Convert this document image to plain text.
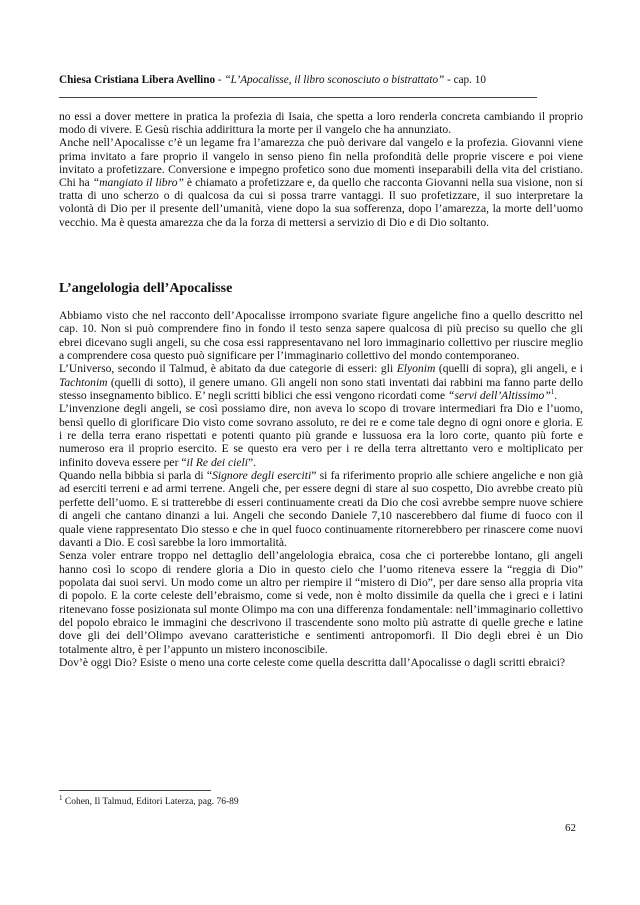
Chiesa Cristiana Libera Avellino - “L’Apocalisse, il libro sconosciuto o bistrattato” - cap. 10

no essi a dover mettere in pratica la profezia di Isaia, che spetta a loro renderla concreta cambiando il proprio modo di vivere. E Gesù rischia addirittura la morte per il vangelo che ha annunziato.

Anche nell’Apocalisse c’è un legame fra l’amarezza che può derivare dal vangelo e la profezia. Giovanni viene prima invitato a fare proprio il vangelo in senso pieno fin nella profondità delle proprie viscere e poi viene invitato a profetizzare. Conversione e impegno profetico sono due momenti inseparabili della vita del cristiano. Chi ha “mangiato il libro” è chiamato a profetizzare e, da quello che racconta Giovanni nella sua visione, non si tratta di uno scherzo o di qualcosa da cui si possa trarre vantaggi. Il suo profetizzare, il suo interpretare la volontà di Dio per il presente dell’umanità, viene dopo la sua sofferenza, dopo l’amarezza, la morte dell’uomo vecchio. Ma è questa amarezza che da la forza di mettersi a servizio di Dio e di Dio soltanto.

L’angelologia dell’Apocalisse

Abbiamo visto che nel racconto dell’Apocalisse irrompono svariate figure angeliche fino a quello descritto nel cap. 10. Non si può comprendere fino in fondo il testo senza sapere qualcosa di più preciso su quello che gli ebrei dicevano sugli angeli, su che cosa essi rappresentavano nel loro immaginario collettivo per riuscire meglio a comprendere cosa questo può significare per l’immaginario collettivo del mondo contemporaneo.

L’Universo, secondo il Talmud, è abitato da due categorie di esseri: gli Elyonim (quelli di sopra), gli angeli, e i Tachtonim (quelli di sotto), il genere umano. Gli angeli non sono stati inventati dai rabbini ma fanno parte dello stesso insegnamento biblico. E’ negli scritti biblici che essi vengono ricordati come “servi dell’Altissimo”$^1$.

L’invenzione degli angeli, se così possiamo dire, non aveva lo scopo di trovare intermediari fra Dio e l’uomo, bensì quello di glorificare Dio visto come sovrano assoluto, re dei re e come tale degno di ogni onore e gloria. E i re della terra erano rispettati e potenti quanto più grande e lussuosa era la loro corte, quanto più forte e numeroso era il proprio esercito. E se questo era vero per i re della terra altrettanto vero e moltiplicato per infinito doveva essere per “il Re dei cieli”.

Quando nella bibbia si parla di “Signore degli eserciti” si fa riferimento proprio alle schiere angeliche e non già ad eserciti terreni e ad armi terrene. Angeli che, per essere degni di stare al suo cospetto, Dio avrebbe creato più perfette dell’uomo. E si tratterebbe di esseri continuamente creati da Dio che così avrebbe sempre nuove schiere di angeli che cantano dinanzi a lui. Angeli che secondo Daniele 7,10 nascerebbero dal fiume di fuoco con il quale viene rappresentato Dio stesso e che in quel fuoco continuamente ritornerebbero per rinascere come nuovi davanti a Dio. E così sarebbe la loro immortalità.

Senza voler entrare troppo nel dettaglio dell’angelologia ebraica, cosa che ci porterebbe lontano, gli angeli hanno così lo scopo di rendere gloria a Dio in questo cielo che l’uomo riteneva essere la “reggia di Dio” popolata dai suoi servi. Un modo come un altro per riempire il “mistero di Dio”, per dare senso alla propria vita di popolo. E la corte celeste dell’ebraismo, come si vede, non è molto dissimile da quella che i greci e i latini ritenevano fosse posizionata sul monte Olimpo ma con una differenza fondamentale: nell’immaginario collettivo del popolo ebraico le immagini che descrivono il trascendente sono molto più astratte di quelle greche e latine dove gli dei dell’Olimpo avevano caratteristiche e sentimenti antropomorfi. Il Dio degli ebrei è un Dio totalmente altro, è per l’appunto un mistero inconoscibile.

Dov’è oggi Dio? Esiste o meno una corte celeste come quella descritta dall’Apocalisse o dagli scritti ebraici?

$^1$ Cohen, Il Talmud, Editori Laterza, pag. 76-89
62
